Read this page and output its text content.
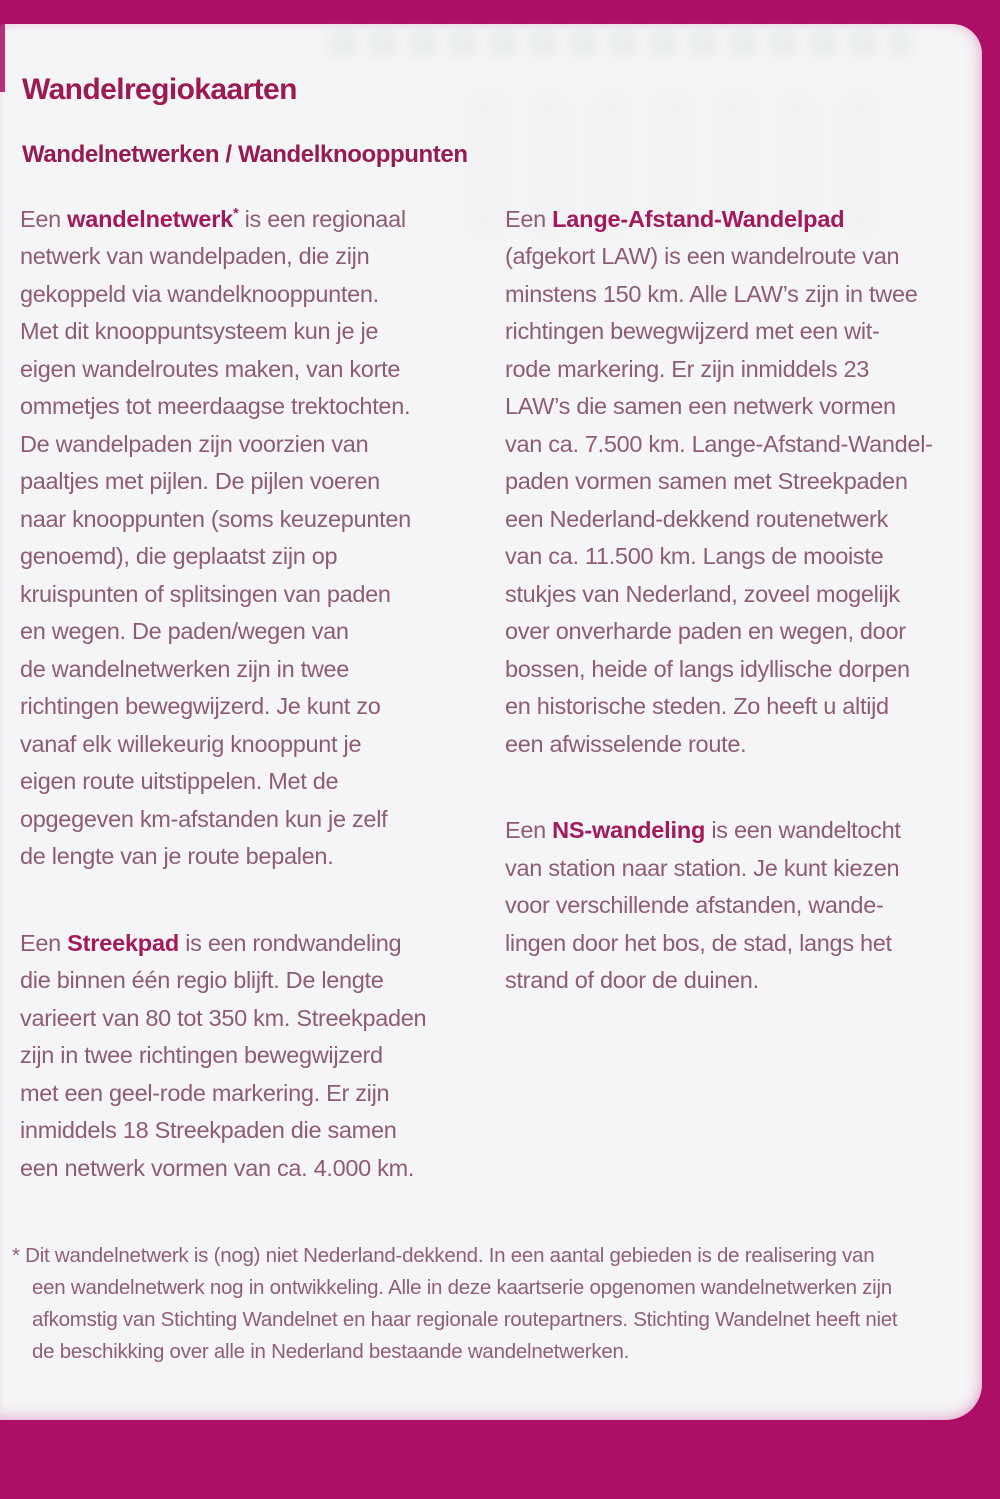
Wandelregiokaarten
Wandelnetwerken / Wandelknooppunten

Een wandelnetwerk* is een regionaal
netwerk van wandelpaden, die zijn
gekoppeld via wandelknooppunten.
Met dit knooppuntsysteem kun je je
eigen wandelroutes maken, van korte
ommetjes tot meerdaagse trektochten.
De wandelpaden zijn voorzien van
paaltjes met pijlen. De pijlen voeren
naar knooppunten (soms keuzepunten
genoemd), die geplaatst zijn op
kruispunten of splitsingen van paden
en wegen. De paden/wegen van
de wandelnetwerken zijn in twee
richtingen bewegwijzerd. Je kunt zo
vanaf elk willekeurig knooppunt je
eigen route uitstippelen. Met de
opgegeven km-afstanden kun je zelf
de lengte van je route bepalen.

Een Streekpad is een rondwandeling
die binnen één regio blijft. De lengte
varieert van 80 tot 350 km. Streekpaden
zijn in twee richtingen bewegwijzerd
met een geel-rode markering. Er zijn
inmiddels 18 Streekpaden die samen
een netwerk vormen van ca. 4.000 km.

Een Lange-Afstand-Wandelpad
(afgekort LAW) is een wandelroute van
minstens 150 km. Alle LAW’s zijn in twee
richtingen bewegwijzerd met een wit-
rode markering. Er zijn inmiddels 23
LAW’s die samen een netwerk vormen
van ca. 7.500 km. Lange-Afstand-Wandel-
paden vormen samen met Streekpaden
een Nederland-dekkend routenetwerk
van ca. 11.500 km. Langs de mooiste
stukjes van Nederland, zoveel mogelijk
over onverharde paden en wegen, door
bossen, heide of langs idyllische dorpen
en historische steden. Zo heeft u altijd
een afwisselende route.

Een NS-wandeling is een wandeltocht
van station naar station. Je kunt kiezen
voor verschillende afstanden, wande-
lingen door het bos, de stad, langs het
strand of door de duinen.

* Dit wandelnetwerk is (nog) niet Nederland-dekkend. In een aantal gebieden is de realisering van
een wandelnetwerk nog in ontwikkeling. Alle in deze kaartserie opgenomen wandelnetwerken zijn
afkomstig van Stichting Wandelnet en haar regionale routepartners. Stichting Wandelnet heeft niet
de beschikking over alle in Nederland bestaande wandelnetwerken.
